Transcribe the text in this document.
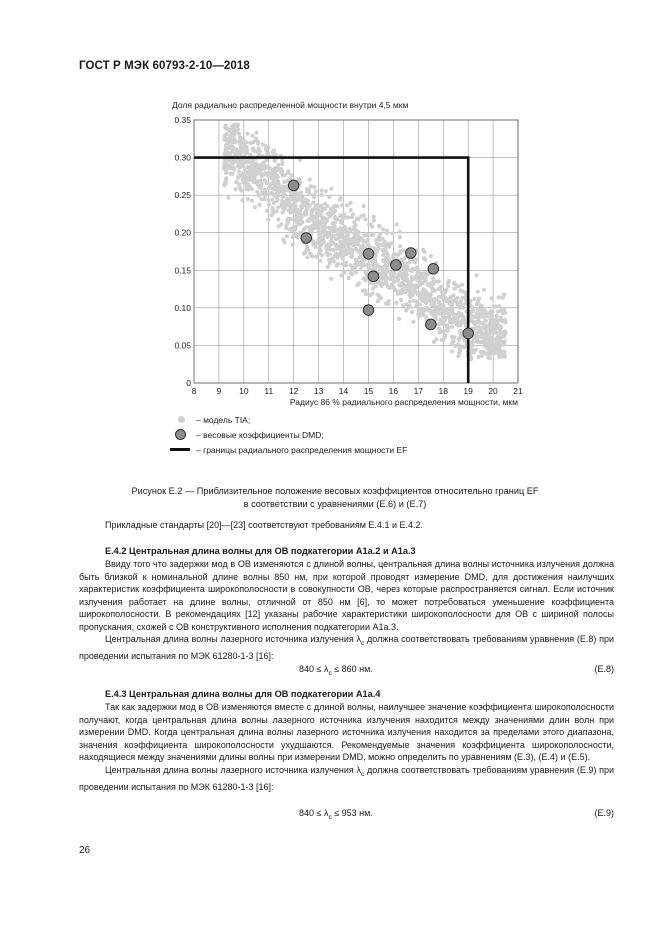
ГОСТ Р МЭК 60793-2-10—2018
Доля радиально распределенной мощности внутри 4,5 мкм
8 9 10 11 12 13 14 15 16 17 18 19 20 21
0
0.05
0.10
0.15
0.20
0.25
0.30
0.35
Радиус 86 % радиального распределения мощности, мкм
– модель TIA;
– весовые коэффициенты DMD;
– границы радиального распределения мощности EF
Рисунок Е.2 — Приблизительное положение весовых коэффициентов относительно границ EF
в соответствии с уравнениями (Е.6) и (Е.7)

Прикладные стандарты [20]—[23] соответствуют требованиям Е.4.1 и Е.4.2.

Е.4.2 Центральная длина волны для ОВ подкатегории А1а.2 и А1а.3

Ввиду того что задержки мод в ОВ изменяются с длиной волны, центральная длина волны источника излучения должна быть близкой к номинальной длине волны 850 нм, при которой проводят измерение DMD, для достижения наилучших характеристик коэффициента широкополосности в совокупности ОВ, через которые распространяется сигнал. Если источник излучения работает на длине волны, отличной от 850 нм [6], то может потребоваться уменьшение коэффициента широкополосности. В рекомендациях [12] указаны рабочие характеристики широкополосности для ОВ с шириной полосы пропускания, схожей с ОВ конструктивного исполнения подкатегории А1а.3.

Центральная длина волны лазерного источника излучения $\lambda_c$ должна соответствовать требованиям уравнения (Е.8) при проведении испытания по МЭК 61280-1-3 [16]:

$840 \le \lambda_c \le 860$ нм.	(Е.8)
Е.4.3 Центральная длина волны для ОВ подкатегории А1а.4

Так как задержки мод в ОВ изменяются вместе с длиной волны, наилучшее значение коэффициента широкополосности получают, когда центральная длина волны лазерного источника излучения находится между значениями длин волн при измерении DMD. Когда центральная длина волны лазерного источника излучения находится за пределами этого диапазона, значения коэффициента широкополосности ухудшаются. Рекомендуемые значения коэффициента широкополосности, находящиеся между значениями длины волны при измерении DMD, можно определить по уравнениям (Е.3), (Е.4) и (Е.5).

Центральная длина волны лазерного источника излучения $\lambda_c$ должна соответствовать требованиям уравнения (Е.9) при проведении испытания по МЭК 61280-1-3 [16]:

$840 \le \lambda_c \le 953$ нм.	(Е.9)
26
